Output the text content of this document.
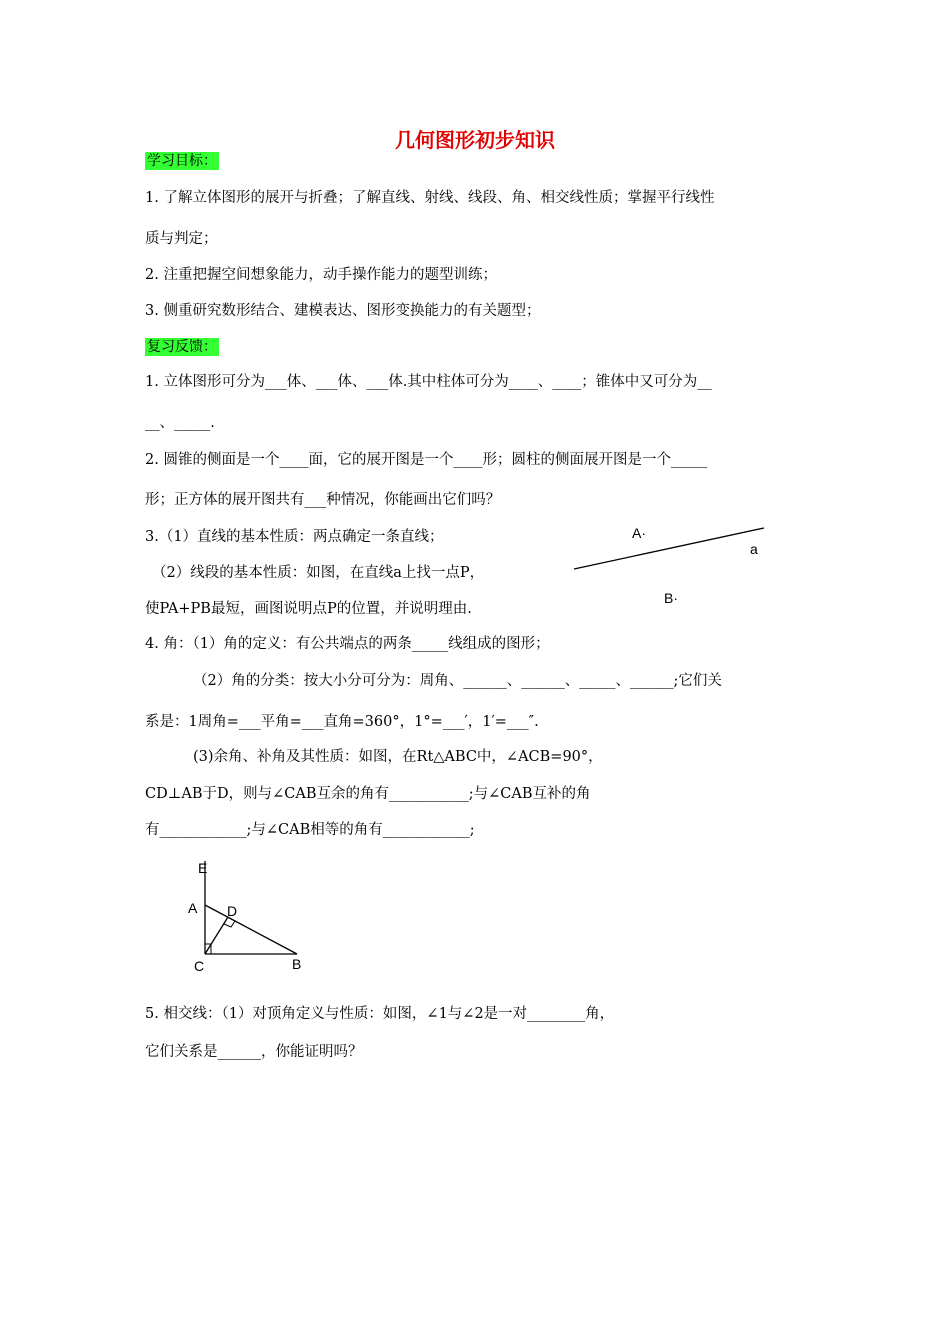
几何图形初步知识
学习目标：
1. 了解立体图形的展开与折叠；了解直线、射线、线段、角、相交线性质；掌握平行线性
质与判定；
2. 注重把握空间想象能力，动手操作能力的题型训练；
3. 侧重研究数形结合、建模表达、图形变换能力的有关题型；
复习反馈：
1. 立体图形可分为___体、___体、___体.其中柱体可分为____、____；锥体中又可分为__
__、_____.
2. 圆锥的侧面是一个____面，它的展开图是一个____形；圆柱的侧面展开图是一个_____
形；正方体的展开图共有___种情况，你能画出它们吗？
3.（1）直线的基本性质：两点确定一条直线；
（2）线段的基本性质：如图，在直线a上找一点P，
使PA+PB最短，画图说明点P的位置，并说明理由.
4. 角：（1）角的定义：有公共端点的两条_____线组成的图形；
（2）角的分类：按大小分可分为：周角、______、______、_____、______;它们关
系是：1周角=___平角=___直角=360°，1°=___′，1′=___″.
(3)余角、补角及其性质：如图，在Rt△ABC中，∠ACB=90°，
CD⊥AB于D，则与∠CAB互余的角有___________;与∠CAB互补的角
有____________;与∠CAB相等的角有____________;
5. 相交线：（1）对顶角定义与性质：如图，∠1与∠2是一对________角，
它们关系是______，你能证明吗？
A·
a
B·
E
A D
C	B
